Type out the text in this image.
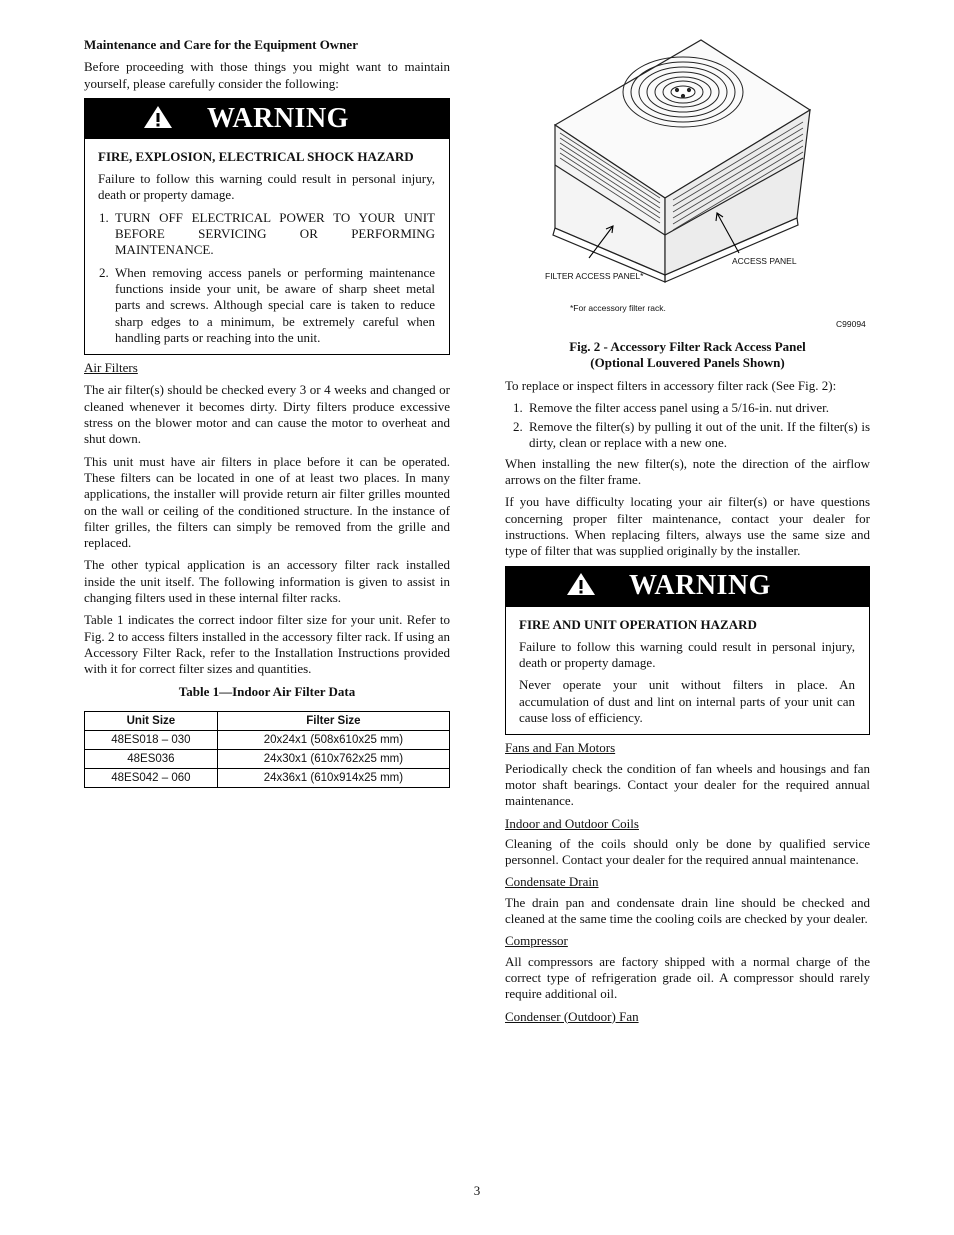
Maintenance and Care for the Equipment Owner

Before proceeding with those things you might want to maintain yourself, please carefully consider the following:

WARNING
FIRE, EXPLOSION, ELECTRICAL SHOCK HAZARD

Failure to follow this warning could result in personal injury, death or property damage.

1. TURN OFF ELECTRICAL POWER TO YOUR UNIT BEFORE SERVICING OR PERFORMING MAINTENANCE.
2. When removing access panels or performing maintenance functions inside your unit, be aware of sharp sheet metal parts and screws. Although special care is taken to reduce sharp edges to a minimum, be extremely careful when handling parts or reaching into the unit.
Air Filters

The air filter(s) should be checked every 3 or 4 weeks and changed or cleaned whenever it becomes dirty. Dirty filters produce excessive stress on the blower motor and can cause the motor to overheat and shut down.

This unit must have air filters in place before it can be operated. These filters can be located in one of at least two places. In many applications, the installer will provide return air filter grilles mounted on the wall or ceiling of the conditioned structure. In the instance of filter grilles, the filters can simply be removed from the grille and replaced.

The other typical application is an accessory filter rack installed inside the unit itself. The following information is given to assist in changing filters used in these internal filter racks.

Table 1 indicates the correct indoor filter size for your unit. Refer to Fig. 2 to access filters installed in the accessory filter rack. If using an Accessory Filter Rack, refer to the Installation Instructions provided with it for correct filter sizes and quantities.

Table 1—Indoor Air Filter Data
Unit Size	Filter Size
48ES018 – 030	20x24x1 (508x610x25 mm)
48ES036	24x30x1 (610x762x25 mm)
48ES042 – 060	24x36x1 (610x914x25 mm)
FILTER ACCESS PANEL*
ACCESS PANEL
*For accessory filter rack.
C99094
Fig. 2 - Accessory Filter Rack Access Panel
(Optional Louvered Panels Shown)

To replace or inspect filters in accessory filter rack (See Fig. 2):

1. Remove the filter access panel using a 5/16-in. nut driver.
2. Remove the filter(s) by pulling it out of the unit. If the filter(s) is dirty, clean or replace with a new one.

When installing the new filter(s), note the direction of the airflow arrows on the filter frame.

If you have difficulty locating your air filter(s) or have questions concerning proper filter maintenance, contact your dealer for instructions. When replacing filters, always use the same size and type of filter that was supplied originally by the installer.

WARNING
FIRE AND UNIT OPERATION HAZARD

Failure to follow this warning could result in personal injury, death or property damage.

Never operate your unit without filters in place. An accumulation of dust and lint on internal parts of your unit can cause loss of efficiency.

Fans and Fan Motors

Periodically check the condition of fan wheels and housings and fan motor shaft bearings. Contact your dealer for the required annual maintenance.

Indoor and Outdoor Coils

Cleaning of the coils should only be done by qualified service personnel. Contact your dealer for the required annual maintenance.

Condensate Drain

The drain pan and condensate drain line should be checked and cleaned at the same time the cooling coils are checked by your dealer.

Compressor

All compressors are factory shipped with a normal charge of the correct type of refrigeration grade oil. A compressor should rarely require additional oil.

Condenser (Outdoor) Fan
3
